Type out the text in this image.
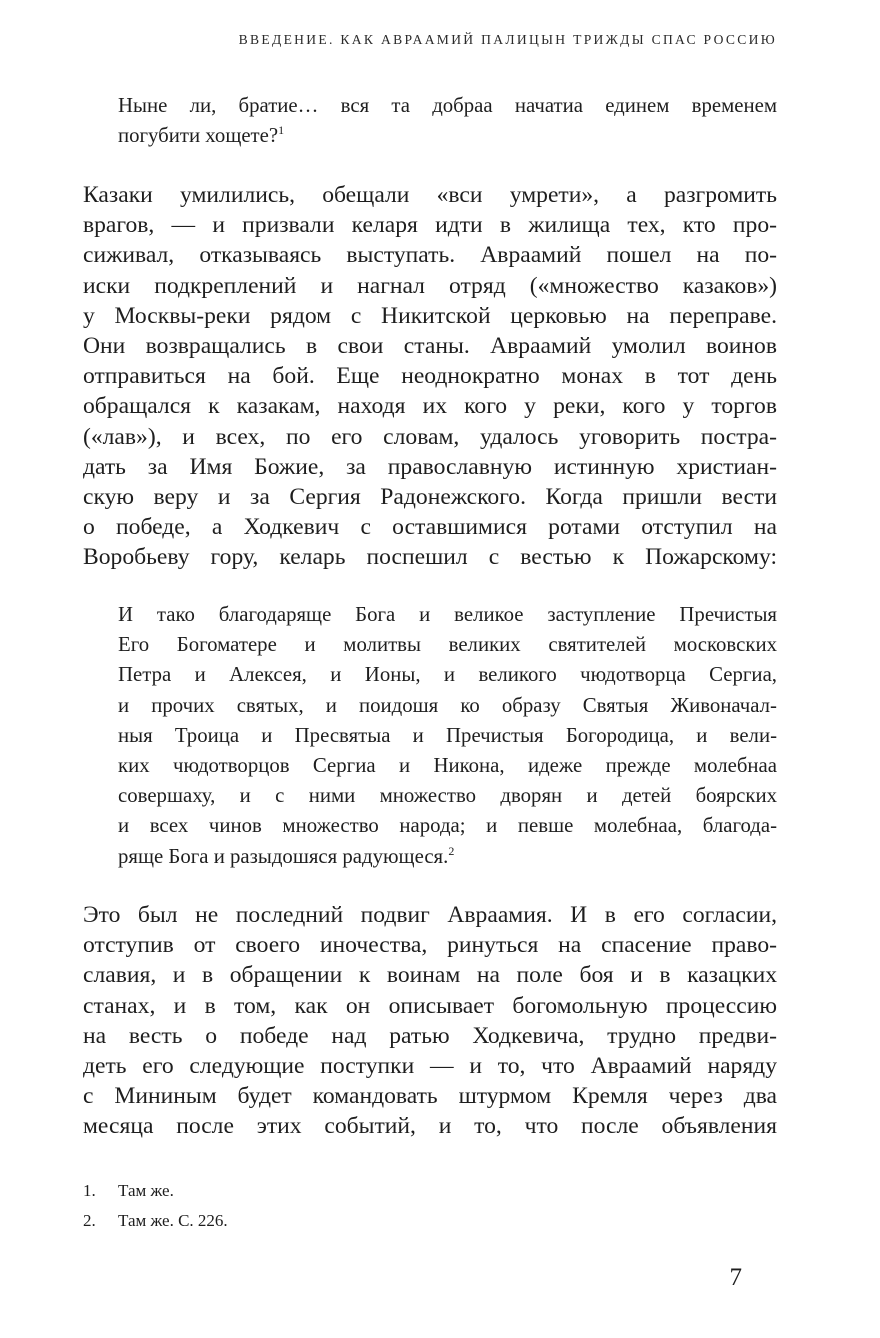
ВВЕДЕНИЕ. КАК АВРААМИЙ ПАЛИЦЫН ТРИЖДЫ СПАС РОССИЮ
Ныне ли, братие… вся та добраа начатиа единем временем
погубити хощете?$^1$
Казаки умилились, обещали «вси умрети», а разгромить
врагов, — и призвали келаря идти в жилища тех, кто про-
сиживал, отказываясь выступать. Авраамий пошел на по-
иски подкреплений и нагнал отряд («множество казаков»)
у Москвы-реки рядом с Никитской церковью на переправе.
Они возвращались в свои станы. Авраамий умолил воинов
отправиться на бой. Еще неоднократно монах в тот день
обращался к казакам, находя их кого у реки, кого у торгов
(«лав»), и всех, по его словам, удалось уговорить постра-
дать за Имя Божие, за православную истинную христиан-
скую веру и за Сергия Радонежского. Когда пришли вести
о победе, а Ходкевич с оставшимися ротами отступил на
Воробьеву гору, келарь поспешил с вестью к Пожарскому:
И тако благодаряще Бога и великое заступление Пречистыя
Его Богоматере и молитвы великих святителей московских
Петра и Алексея, и Ионы, и великого чюдотворца Сергиа,
и прочих святых, и поидошя ко образу Святыя Живоначал-
ныя Троица и Пресвятыа и Пречистыя Богородица, и вели-
ких чюдотворцов Сергиа и Никона, идеже прежде молебнаа
совершаху, и с ними множество дворян и детей боярских
и всех чинов множество народа; и певше молебнаа, благода-
ряще Бога и разыдошяся радующеся.$^2$
Это был не последний подвиг Авраамия. И в его согласии,
отступив от своего иночества, ринуться на спасение право-
славия, и в обращении к воинам на поле боя и в казацких
станах, и в том, как он описывает богомольную процессию
на весть о победе над ратью Ходкевича, трудно предви-
деть его следующие поступки — и то, что Авраамий наряду
с Мининым будет командовать штурмом Кремля через два
месяца после этих событий, и то, что после объявления
1.	Там же.
2.	Там же. С. 226.
7
